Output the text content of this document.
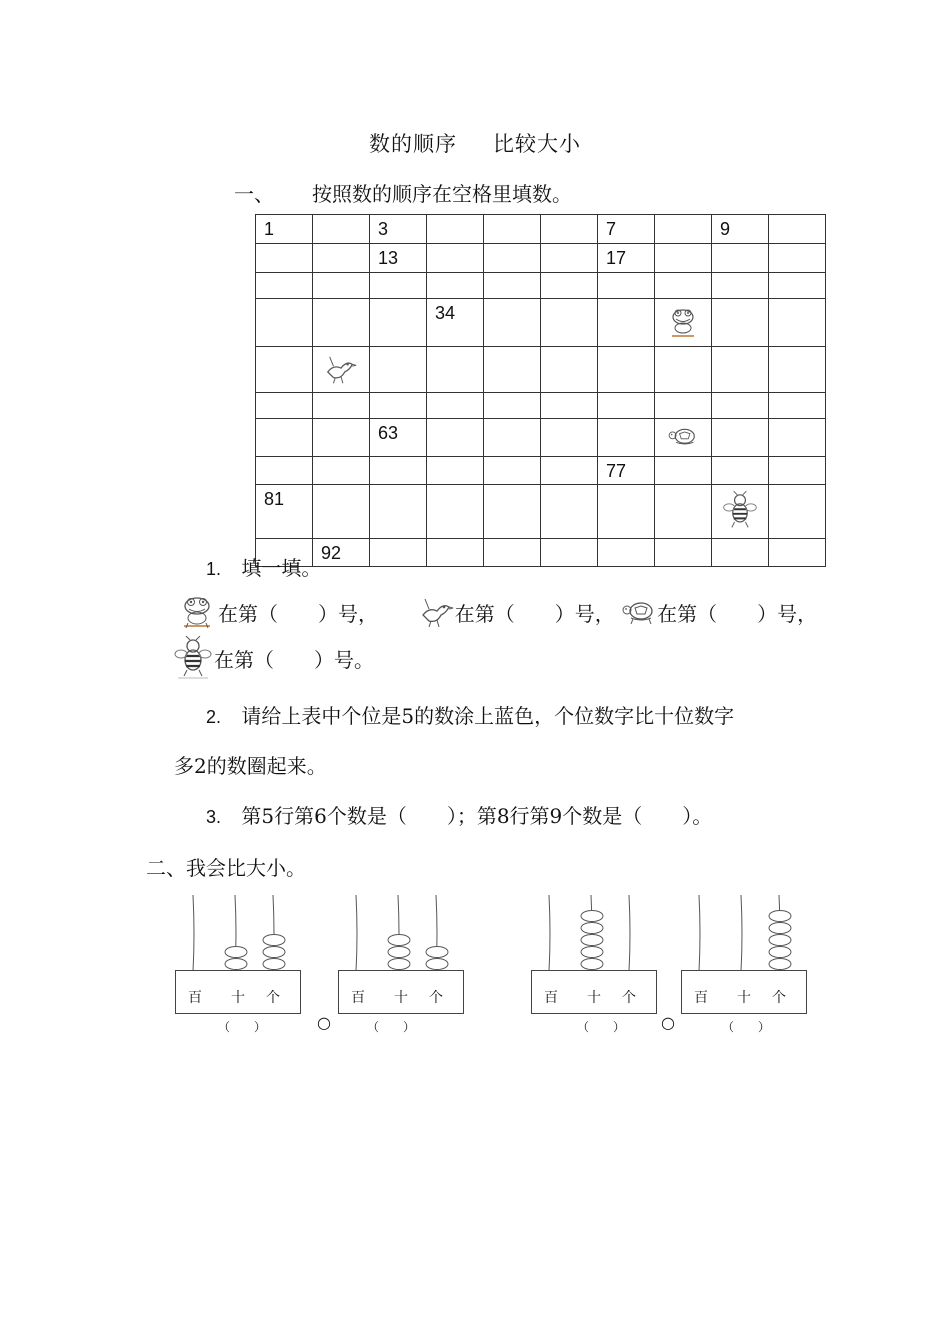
数的顺序 比较大小
一、 按照数的顺序在空格里填数。
1		3				7		9	

		13				17			

			34

		63

						77			

81

	92								

1. 填一填。
在第（　　）号，	在第（　　）号， 在第（　　）号，
在第（　　）号。
2. 请给上表中个位是5的数涂上蓝色，个位数字比十位数字
多2的数圈起来。
3. 第5行第6个数是（　　）；第8行第9个数是（　　）。
二、我会比大小。
百 十 个	百 十 个	百 十 个	百 十 个
（　　）	○	（　　）	（　　） ○	（　　）
